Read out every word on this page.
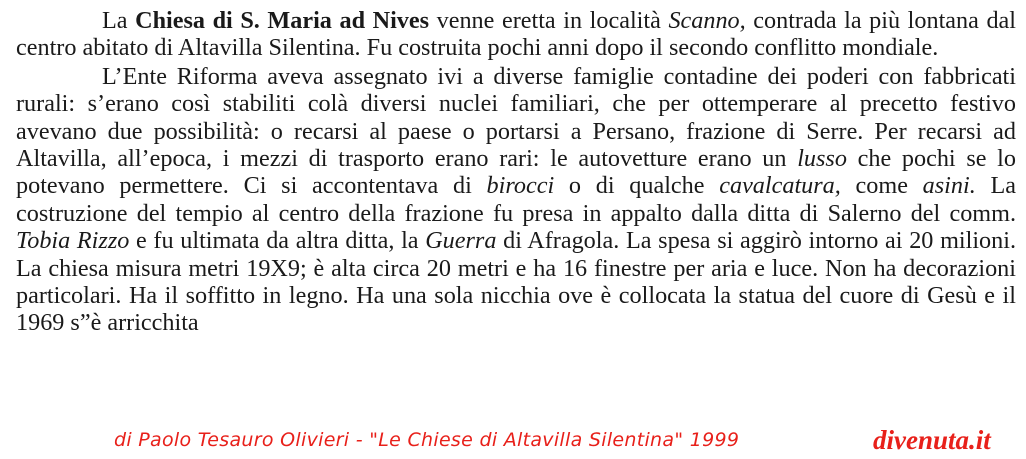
La Chiesa di S. Maria ad Nives venne eretta in località Scanno, contrada la più lontana dal centro abitato di Altavilla Silentina. Fu costruita pochi anni dopo il secondo conflitto mondiale.

L’Ente Riforma aveva assegnato ivi a diverse famiglie contadine dei poderi con fabbricati rurali: s’erano così stabiliti colà diversi nuclei familiari, che per ottemperare al precetto festivo avevano due possibilità: o recarsi al paese o portarsi a Persano, frazione di Serre. Per recarsi ad Altavilla, all’epoca, i mezzi di trasporto erano rari: le autovetture erano un lusso che pochi se lo potevano permettere. Ci si accontentava di birocci o di qualche cavalcatura, come asini. La costruzione del tempio al centro della frazione fu presa in appalto dalla ditta di Salerno del comm. Tobia Rizzo e fu ultimata da altra ditta, la Guerra di Afragola. La spesa si aggirò intorno ai 20 milioni. La chiesa misura metri 19X9; è alta circa 20 metri e ha 16 finestre per aria e luce. Non ha decorazioni particolari. Ha il soffitto in legno. Ha una sola nicchia ove è collocata la statua del cuore di Gesù e il 1969 s”è arricchita

di Paolo Tesauro Olivieri - "Le Chiese di Altavilla Silentina" 1999	divenuta.it
